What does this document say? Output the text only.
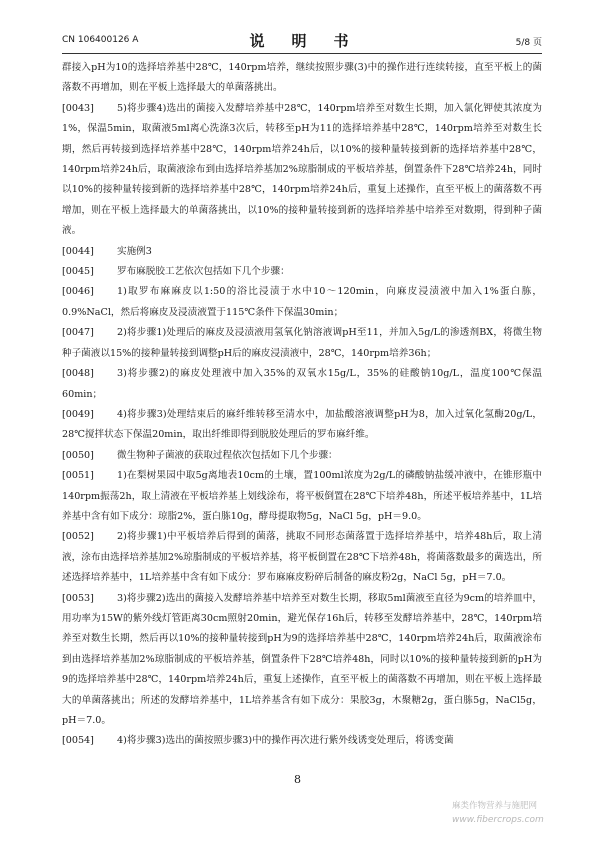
CN 106400126 A	说　明　书	5/8 页

群接入pH为10的选择培养基中28℃，140rpm培养，继续按照步骤(3)中的操作进行连续转接，直至平板上的菌落数不再增加，则在平板上选择最大的单菌落挑出。

[0043] 5)将步骤4)选出的菌接入发酵培养基中28℃，140rpm培养至对数生长期，加入氯化钾使其浓度为1%，保温5min，取菌液5ml离心洗涤3次后，转移至pH为11的选择培养基中28℃，140rpm培养至对数生长期，然后再转接到选择培养基中28℃，140rpm培养24h后，以10%的接种量转接到新的选择培养基中28℃，140rpm培养24h后，取菌液涂布到由选择培养基加2%琼脂制成的平板培养基，倒置条件下28℃培养24h，同时以10%的接种量转接到新的选择培养基中28℃，140rpm培养24h后，重复上述操作，直至平板上的菌落数不再增加，则在平板上选择最大的单菌落挑出，以10%的接种量转接到新的选择培养基中培养至对数期，得到种子菌液。

[0044] 实施例3

[0045] 罗布麻脱胶工艺依次包括如下几个步骤：

[0046] 1)取罗布麻麻皮以1:50的浴比浸渍于水中10～120min，向麻皮浸渍液中加入1%蛋白胨，0.9%NaCl，然后将麻皮及浸渍液置于115℃条件下保温30min；

[0047] 2)将步骤1)处理后的麻皮及浸渍液用氢氧化钠溶液调pH至11，并加入5g/L的渗透剂BX，将微生物种子菌液以15%的接种量转接到调整pH后的麻皮浸渍液中，28℃，140rpm培养36h；

[0048] 3)将步骤2)的麻皮处理液中加入35%的双氧水15g/L，35%的硅酸钠10g/L，温度100℃保温60min；

[0049] 4)将步骤3)处理结束后的麻纤维转移至清水中，加盐酸溶液调整pH为8，加入过氧化氢酶20g/L，28℃搅拌状态下保温20min，取出纤维即得到脱胶处理后的罗布麻纤维。

[0050] 微生物种子菌液的获取过程依次包括如下几个步骤：

[0051] 1)在梨树果园中取5g离地表10cm的土壤，置100ml浓度为2g/L的磷酸钠盐缓冲液中，在锥形瓶中140rpm振荡2h，取上清液在平板培养基上划线涂布，将平板倒置在28℃下培养48h，所述平板培养基中，1L培养基中含有如下成分：琼脂2%，蛋白胨10g，酵母提取物5g，NaCl 5g，pH＝9.0。

[0052] 2)将步骤1)中平板培养后得到的菌落，挑取不同形态菌落置于选择培养基中，培养48h后，取上清液，涂布由选择培养基加2%琼脂制成的平板培养基，将平板倒置在28℃下培养48h，将菌落数最多的菌选出，所述选择培养基中，1L培养基中含有如下成分：罗布麻麻皮粉碎后制备的麻皮粉2g，NaCl 5g，pH＝7.0。

[0053] 3)将步骤2)选出的菌接入发酵培养基中培养至对数生长期，移取5ml菌液至直径为9cm的培养皿中，用功率为15W的紫外线灯管距离30cm照射20min，避光保存16h后，转移至发酵培养基中，28℃，140rpm培养至对数生长期，然后再以10%的接种量转接到pH为9的选择培养基中28℃，140rpm培养24h后，取菌液涂布到由选择培养基加2%琼脂制成的平板培养基，倒置条件下28℃培养48h，同时以10%的接种量转接到新的pH为9的选择培养基中28℃，140rpm培养24h后，重复上述操作，直至平板上的菌落数不再增加，则在平板上选择最大的单菌落挑出；所述的发酵培养基中，1L培养基含有如下成分：果胶3g，木聚糖2g，蛋白胨5g，NaCl5g，pH＝7.0。

[0054] 4)将步骤3)选出的菌按照步骤3)中的操作再次进行紫外线诱变处理后，将诱变菌

8
麻类作物营养与施肥网
www.fibercrops.com
